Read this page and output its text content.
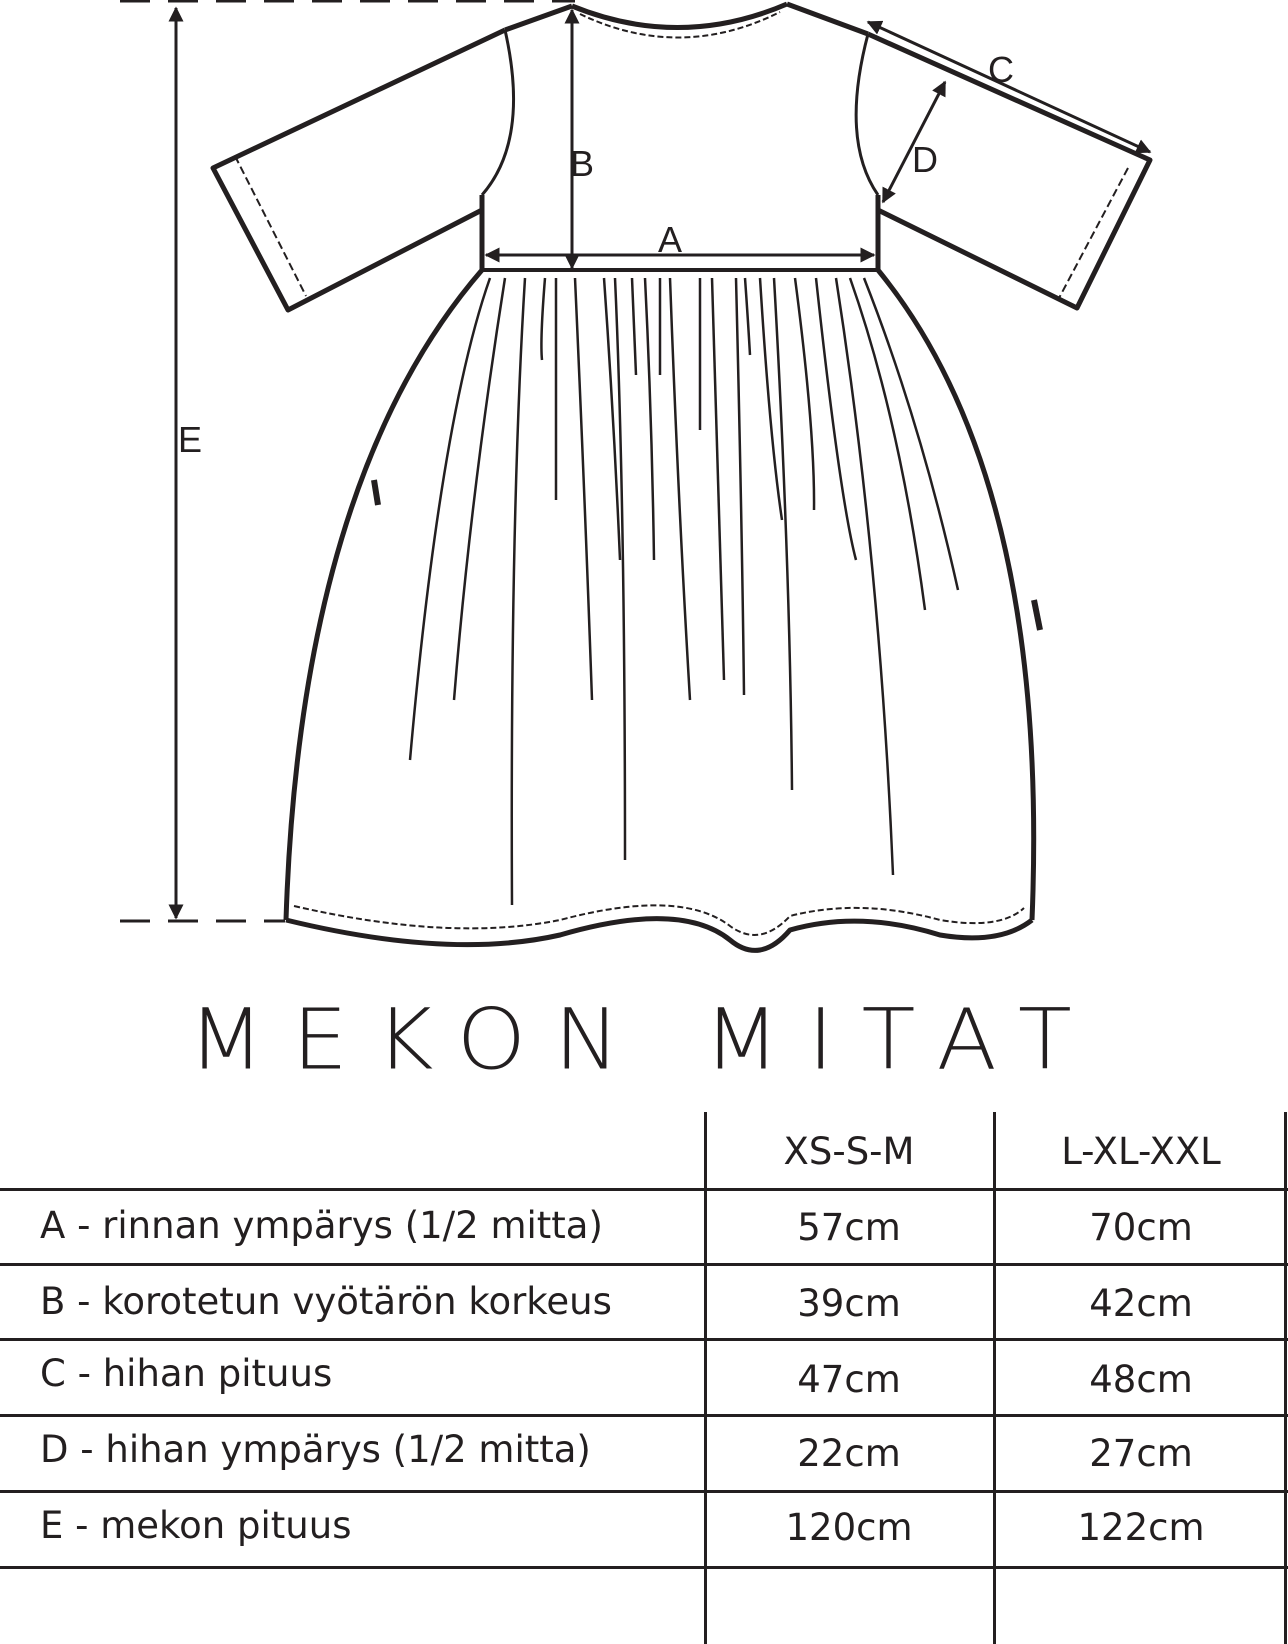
A
B
C
D
E
MEKON MITAT
XS-S-M	L-XL-XXL
A - rinnan ympärys (1/2 mitta)	57cm	70cm
B - korotetun vyötärön korkeus	39cm	42cm
C - hihan pituus	47cm	48cm
D - hihan ympärys (1/2 mitta)	22cm	27cm
E - mekon pituus	120cm	122cm
